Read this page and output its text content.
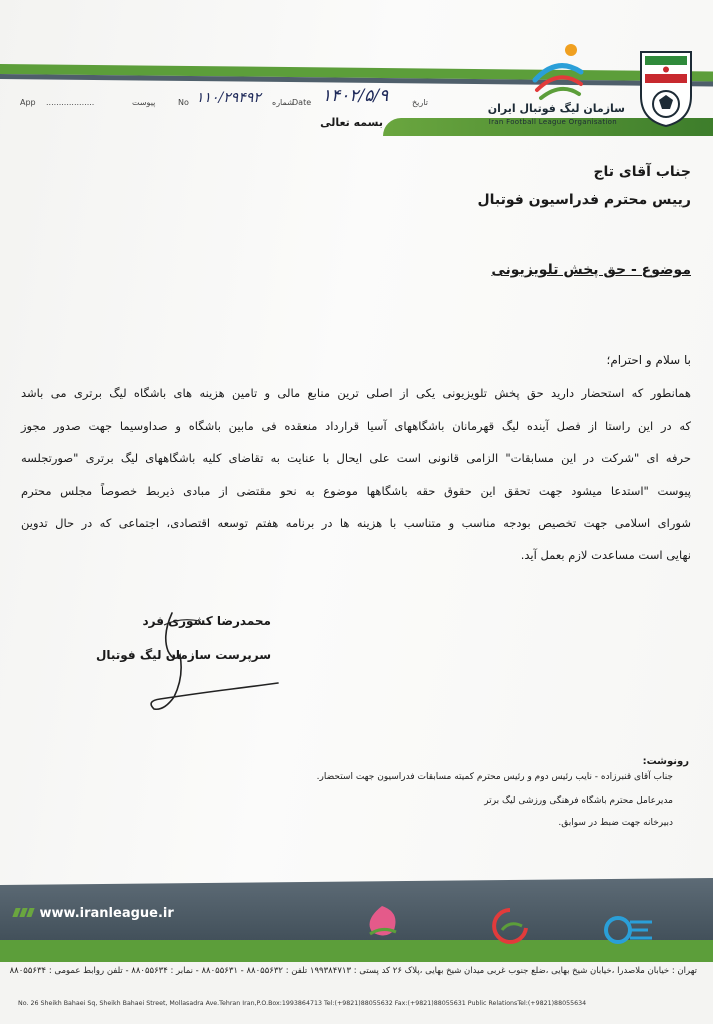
سازمان لیگ فوتبال ایران
Iran Football League Organisation
App ...................	پیوست	No ۱۱۰/۲۹۴۹۲ شماره
Date ۱۴۰۲/۵/۹	تاریخ
بسمه تعالی
جناب آقای تاج
رییس محترم فدراسیون فوتبال
موضوع - حق پخش تلویزیونی
با سلام و احترام؛
همانطور که استحضار دارید حق پخش تلویزیونی یکی از اصلی ترین منابع مالی و تامین هزینه های باشگاه لیگ برتری می باشد
که در این راستا از فصل آینده لیگ قهرمانان باشگاههای آسیا قرارداد منعقده فی مابین باشگاه و صداوسیما جهت صدور مجوز
حرفه ای "شرکت در این مسابقات" الزامی قانونی است علی ایحال با عنایت به تقاضای کلیه باشگاههای لیگ برتری "صورتجلسه
پیوست "استدعا میشود جهت تحقق این حقوق حقه باشگاهها موضوع به نحو مقتضی از مبادی ذیربط خصوصاً مجلس محترم
شورای اسلامی جهت تخصیص بودجه مناسب و متناسب با هزینه ها در برنامه هفتم توسعه اقتصادی، اجتماعی که در حال تدوین
نهایی است مساعدت لازم بعمل آید.
محمدرضا کشوری فرد
سرپرست سازمان لیگ فوتبال
رونوشت:
جناب آقای قنبرزاده - نایب رئیس دوم و رئیس محترم کمیته مسابقات فدراسیون جهت استحضار.
مدیرعامل محترم باشگاه فرهنگی ورزشی لیگ برتر
دبیرخانه جهت ضبط در سوابق.
www.iranleague.ir
تهران : خیابان ملاصدرا ،خیابان شیخ بهایی ،ضلع جنوب غربی میدان شیخ بهایی ،پلاک ۲۶ کد پستی : ۱۹۹۳۸۴۷۱۳ تلفن : ۸۸۰۵۵۶۳۲ - ۸۸۰۵۵۶۳۱ - نمابر : ۸۸۰۵۵۶۳۴ - تلفن روابط عمومی : ۸۸۰۵۵۶۳۴
No. 26 Sheikh Bahaei Sq, Sheikh Bahaei Street, Mollasadra Ave.Tehran Iran,P.O.Box:1993864713 Tel:(+9821)88055632 Fax:(+9821)88055631 Public RelationsTel:(+9821)88055634
